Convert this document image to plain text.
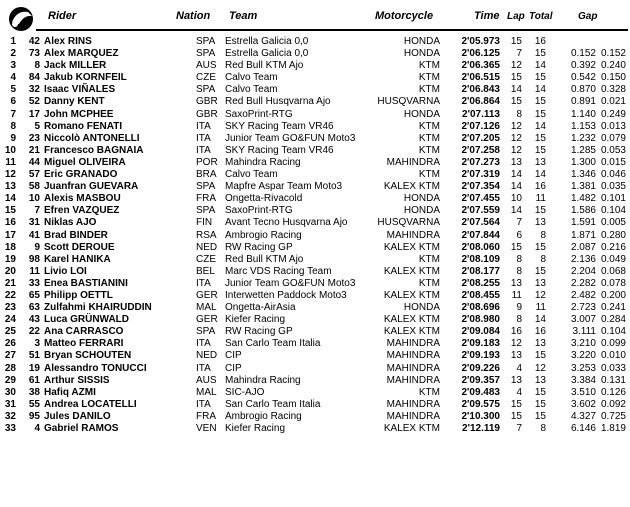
Rider	Nation Team	Motorcycle	Time Lap Total	Gap
1	42 Alex RINS	SPA Estrella Galicia 0,0	HONDA	2'05.973	15	16
2	73 Alex MARQUEZ	SPA Estrella Galicia 0,0	HONDA	2'06.125	7	15	0.152 0.152
3	8 Jack MILLER	AUS Red Bull KTM Ajo	KTM	2'06.365	12	14	0.392 0.240
4	84 Jakub KORNFEIL	CZE Calvo Team	KTM	2'06.515	15	15	0.542 0.150
5	32 Isaac VIÑALES	SPA Calvo Team	KTM	2'06.843	14	14	0.870 0.328
6	52 Danny KENT	GBR Red Bull Husqvarna Ajo	HUSQVARNA	2'06.864	15	15	0.891 0.021
7	17 John MCPHEE	GBR SaxoPrint-RTG	HONDA	2'07.113	8	15	1.140 0.249
8	5 Romano FENATI	ITA SKY Racing Team VR46	KTM	2'07.126	12	14	1.153 0.013
9	23 Niccolò ANTONELLI	ITA Junior Team GO&FUN Moto3	KTM	2'07.205	12	15	1.232 0.079
10	21 Francesco BAGNAIA	ITA SKY Racing Team VR46	KTM	2'07.258	12	15	1.285 0.053
11	44 Miguel OLIVEIRA	POR Mahindra Racing	MAHINDRA	2'07.273	13	13	1.300 0.015
12	57 Eric GRANADO	BRA Calvo Team	KTM	2'07.319	14	14	1.346 0.046
13	58 Juanfran GUEVARA	SPA Mapfre Aspar Team Moto3	KALEX KTM	2'07.354	14	16	1.381 0.035
14	10 Alexis MASBOU	FRA Ongetta-Rivacold	HONDA	2'07.455	10	11	1.482 0.101
15	7 Efren VAZQUEZ	SPA SaxoPrint-RTG	HONDA	2'07.559	14	15	1.586 0.104
16	31 Niklas AJO	FIN Avant Tecno Husqvarna Ajo	HUSQVARNA	2'07.564	7	13	1.591 0.005
17	41 Brad BINDER	RSA Ambrogio Racing	MAHINDRA	2'07.844	6	8	1.871 0.280
18	9 Scott DEROUE	NED RW Racing GP	KALEX KTM	2'08.060	15	15	2.087 0.216
19	98 Karel HANIKA	CZE Red Bull KTM Ajo	KTM	2'08.109	8	8	2.136 0.049
20	11 Livio LOI	BEL Marc VDS Racing Team	KALEX KTM	2'08.177	8	15	2.204 0.068
21	33 Enea BASTIANINI	ITA Junior Team GO&FUN Moto3	KTM	2'08.255	13	13	2.282 0.078
22	65 Philipp OETTL	GER Interwetten Paddock Moto3	KALEX KTM	2'08.455	11	12	2.482 0.200
23	63 Zulfahmi KHAIRUDDIN	MAL Ongetta-AirAsia	HONDA	2'08.696	9	11	2.723 0.241
24	43 Luca GRÜNWALD	GER Kiefer Racing	KALEX KTM	2'08.980	8	14	3.007 0.284
25	22 Ana CARRASCO	SPA RW Racing GP	KALEX KTM	2'09.084	16	16	3.111 0.104
26	3 Matteo FERRARI	ITA San Carlo Team Italia	MAHINDRA	2'09.183	12	13	3.210 0.099
27	51 Bryan SCHOUTEN	NED CIP	MAHINDRA	2'09.193	13	15	3.220 0.010
28	19 Alessandro TONUCCI	ITA CIP	MAHINDRA	2'09.226	4	12	3.253 0.033
29	61 Arthur SISSIS	AUS Mahindra Racing	MAHINDRA	2'09.357	13	13	3.384 0.131
30	38 Hafiq AZMI	MAL SIC-AJO	KTM	2'09.483	4	15	3.510 0.126
31	55 Andrea LOCATELLI	ITA San Carlo Team Italia	MAHINDRA	2'09.575	15	15	3.602 0.092
32	95 Jules DANILO	FRA Ambrogio Racing	MAHINDRA	2'10.300	15	15	4.327 0.725
33	4 Gabriel RAMOS	VEN Kiefer Racing	KALEX KTM	2'12.119	7	8	6.146 1.819
